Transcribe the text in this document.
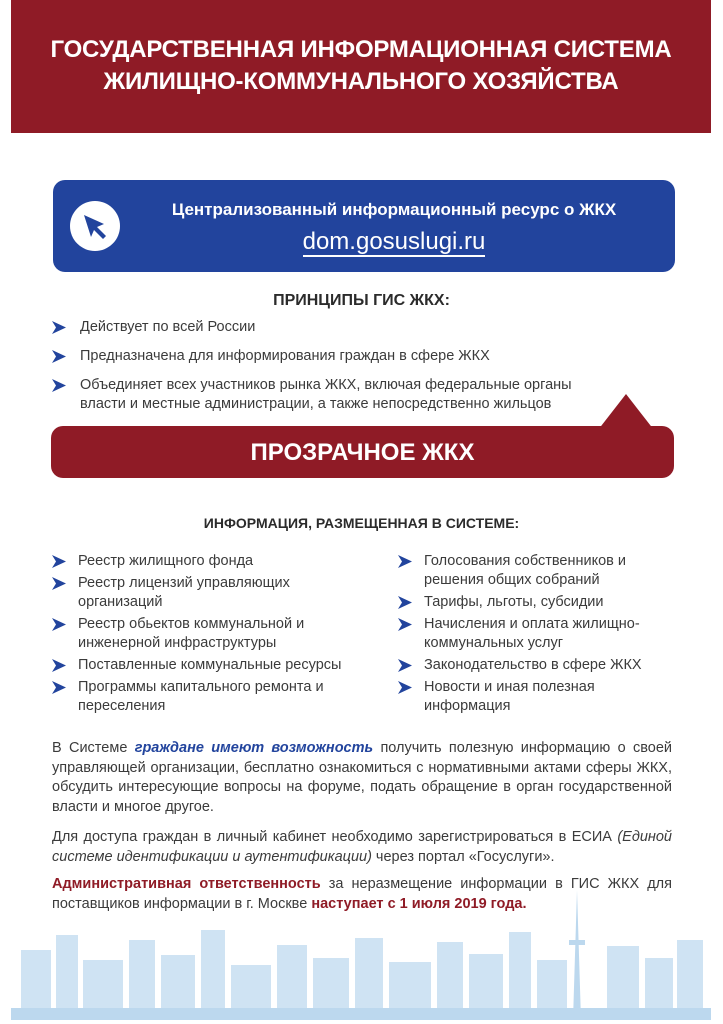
ГОСУДАРСТВЕННАЯ ИНФОРМАЦИОННАЯ СИСТЕМА
ЖИЛИЩНО-КОММУНАЛЬНОГО ХОЗЯЙСТВА
Централизованный информационный ресурс о ЖКХ
dom.gosuslugi.ru
ПРИНЦИПЫ ГИС ЖКХ:
Действует по всей России
Предназначена для информирования граждан в сфере ЖКХ
Объединяет всех участников рынка ЖКХ, включая федеральные органы власти и местные администрации, а также непосредственно жильцов
ПРОЗРАЧНОЕ ЖКХ
ИНФОРМАЦИЯ, РАЗМЕЩЕННАЯ В СИСТЕМЕ:
Реестр жилищного фонда
Реестр лицензий управляющих организаций
Реестр обьектов коммунальной и инженерной инфраструктуры
Поставленные коммунальные ресурсы
Программы капитального ремонта и переселения
Голосования собственников и решения общих собраний
Тарифы, льготы, субсидии
Начисления и оплата жилищно-коммунальных услуг
Законодательство в сфере ЖКХ
Новости и иная полезная информация

В Системе граждане имеют возможность получить полезную информацию о своей управляющей организации, бесплатно ознакомиться с нормативными актами сферы ЖКХ, обсудить интересующие вопросы на форуме, подать обращение в орган государственной власти и многое другое.

Для доступа граждан в личный кабинет необходимо зарегистрироваться в ЕСИА (Единой системе идентификации и аутентификации) через портал «Госуслуги».

Административная ответственность за неразмещение информации в ГИС ЖКХ для поставщиков информации в г. Москве наступает с 1 июля 2019 года.
